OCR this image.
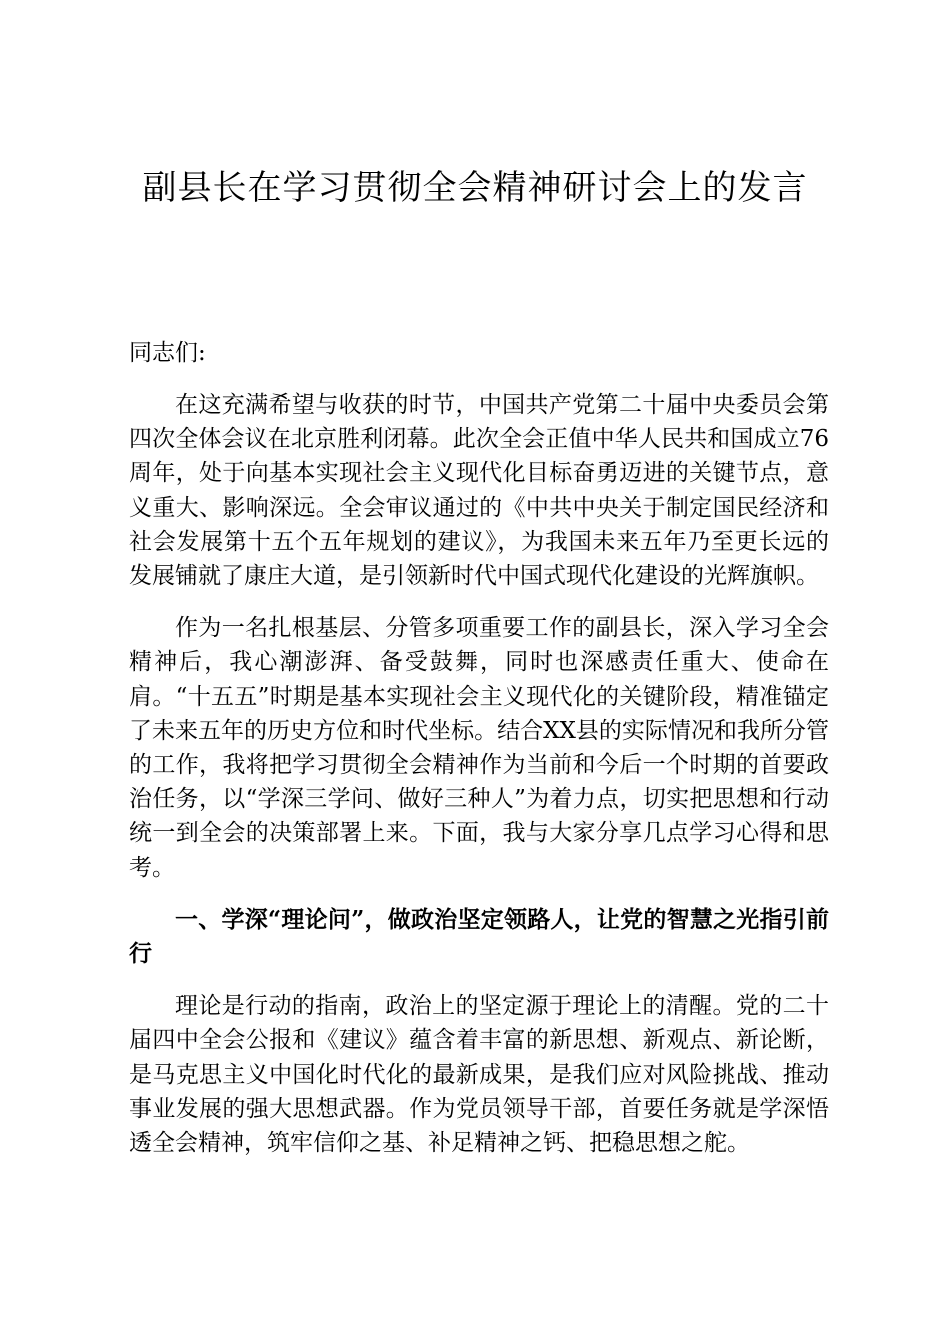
副县长在学习贯彻全会精神研讨会上的发言

同志们:

在这充满希望与收获的时节，中国共产党第二十届中央委员会第四次全体会议在北京胜利闭幕。此次全会正值中华人民共和国成立76周年，处于向基本实现社会主义现代化目标奋勇迈进的关键节点，意义重大、影响深远。全会审议通过的《中共中央关于制定国民经济和社会发展第十五个五年规划的建议》，为我国未来五年乃至更长远的发展铺就了康庄大道，是引领新时代中国式现代化建设的光辉旗帜。

作为一名扎根基层、分管多项重要工作的副县长，深入学习全会精神后，我心潮澎湃、备受鼓舞，同时也深感责任重大、使命在肩。“十五五”时期是基本实现社会主义现代化的关键阶段，精准锚定了未来五年的历史方位和时代坐标。结合XX县的实际情况和我所分管的工作，我将把学习贯彻全会精神作为当前和今后一个时期的首要政治任务，以“学深三学问、做好三种人”为着力点，切实把思想和行动统一到全会的决策部署上来。下面，我与大家分享几点学习心得和思考。

一、学深“理论问”，做政治坚定领路人，让党的智慧之光指引前行

理论是行动的指南，政治上的坚定源于理论上的清醒。党的二十届四中全会公报和《建议》蕴含着丰富的新思想、新观点、新论断，是马克思主义中国化时代化的最新成果，是我们应对风险挑战、推动事业发展的强大思想武器。作为党员领导干部，首要任务就是学深悟透全会精神，筑牢信仰之基、补足精神之钙、把稳思想之舵。
